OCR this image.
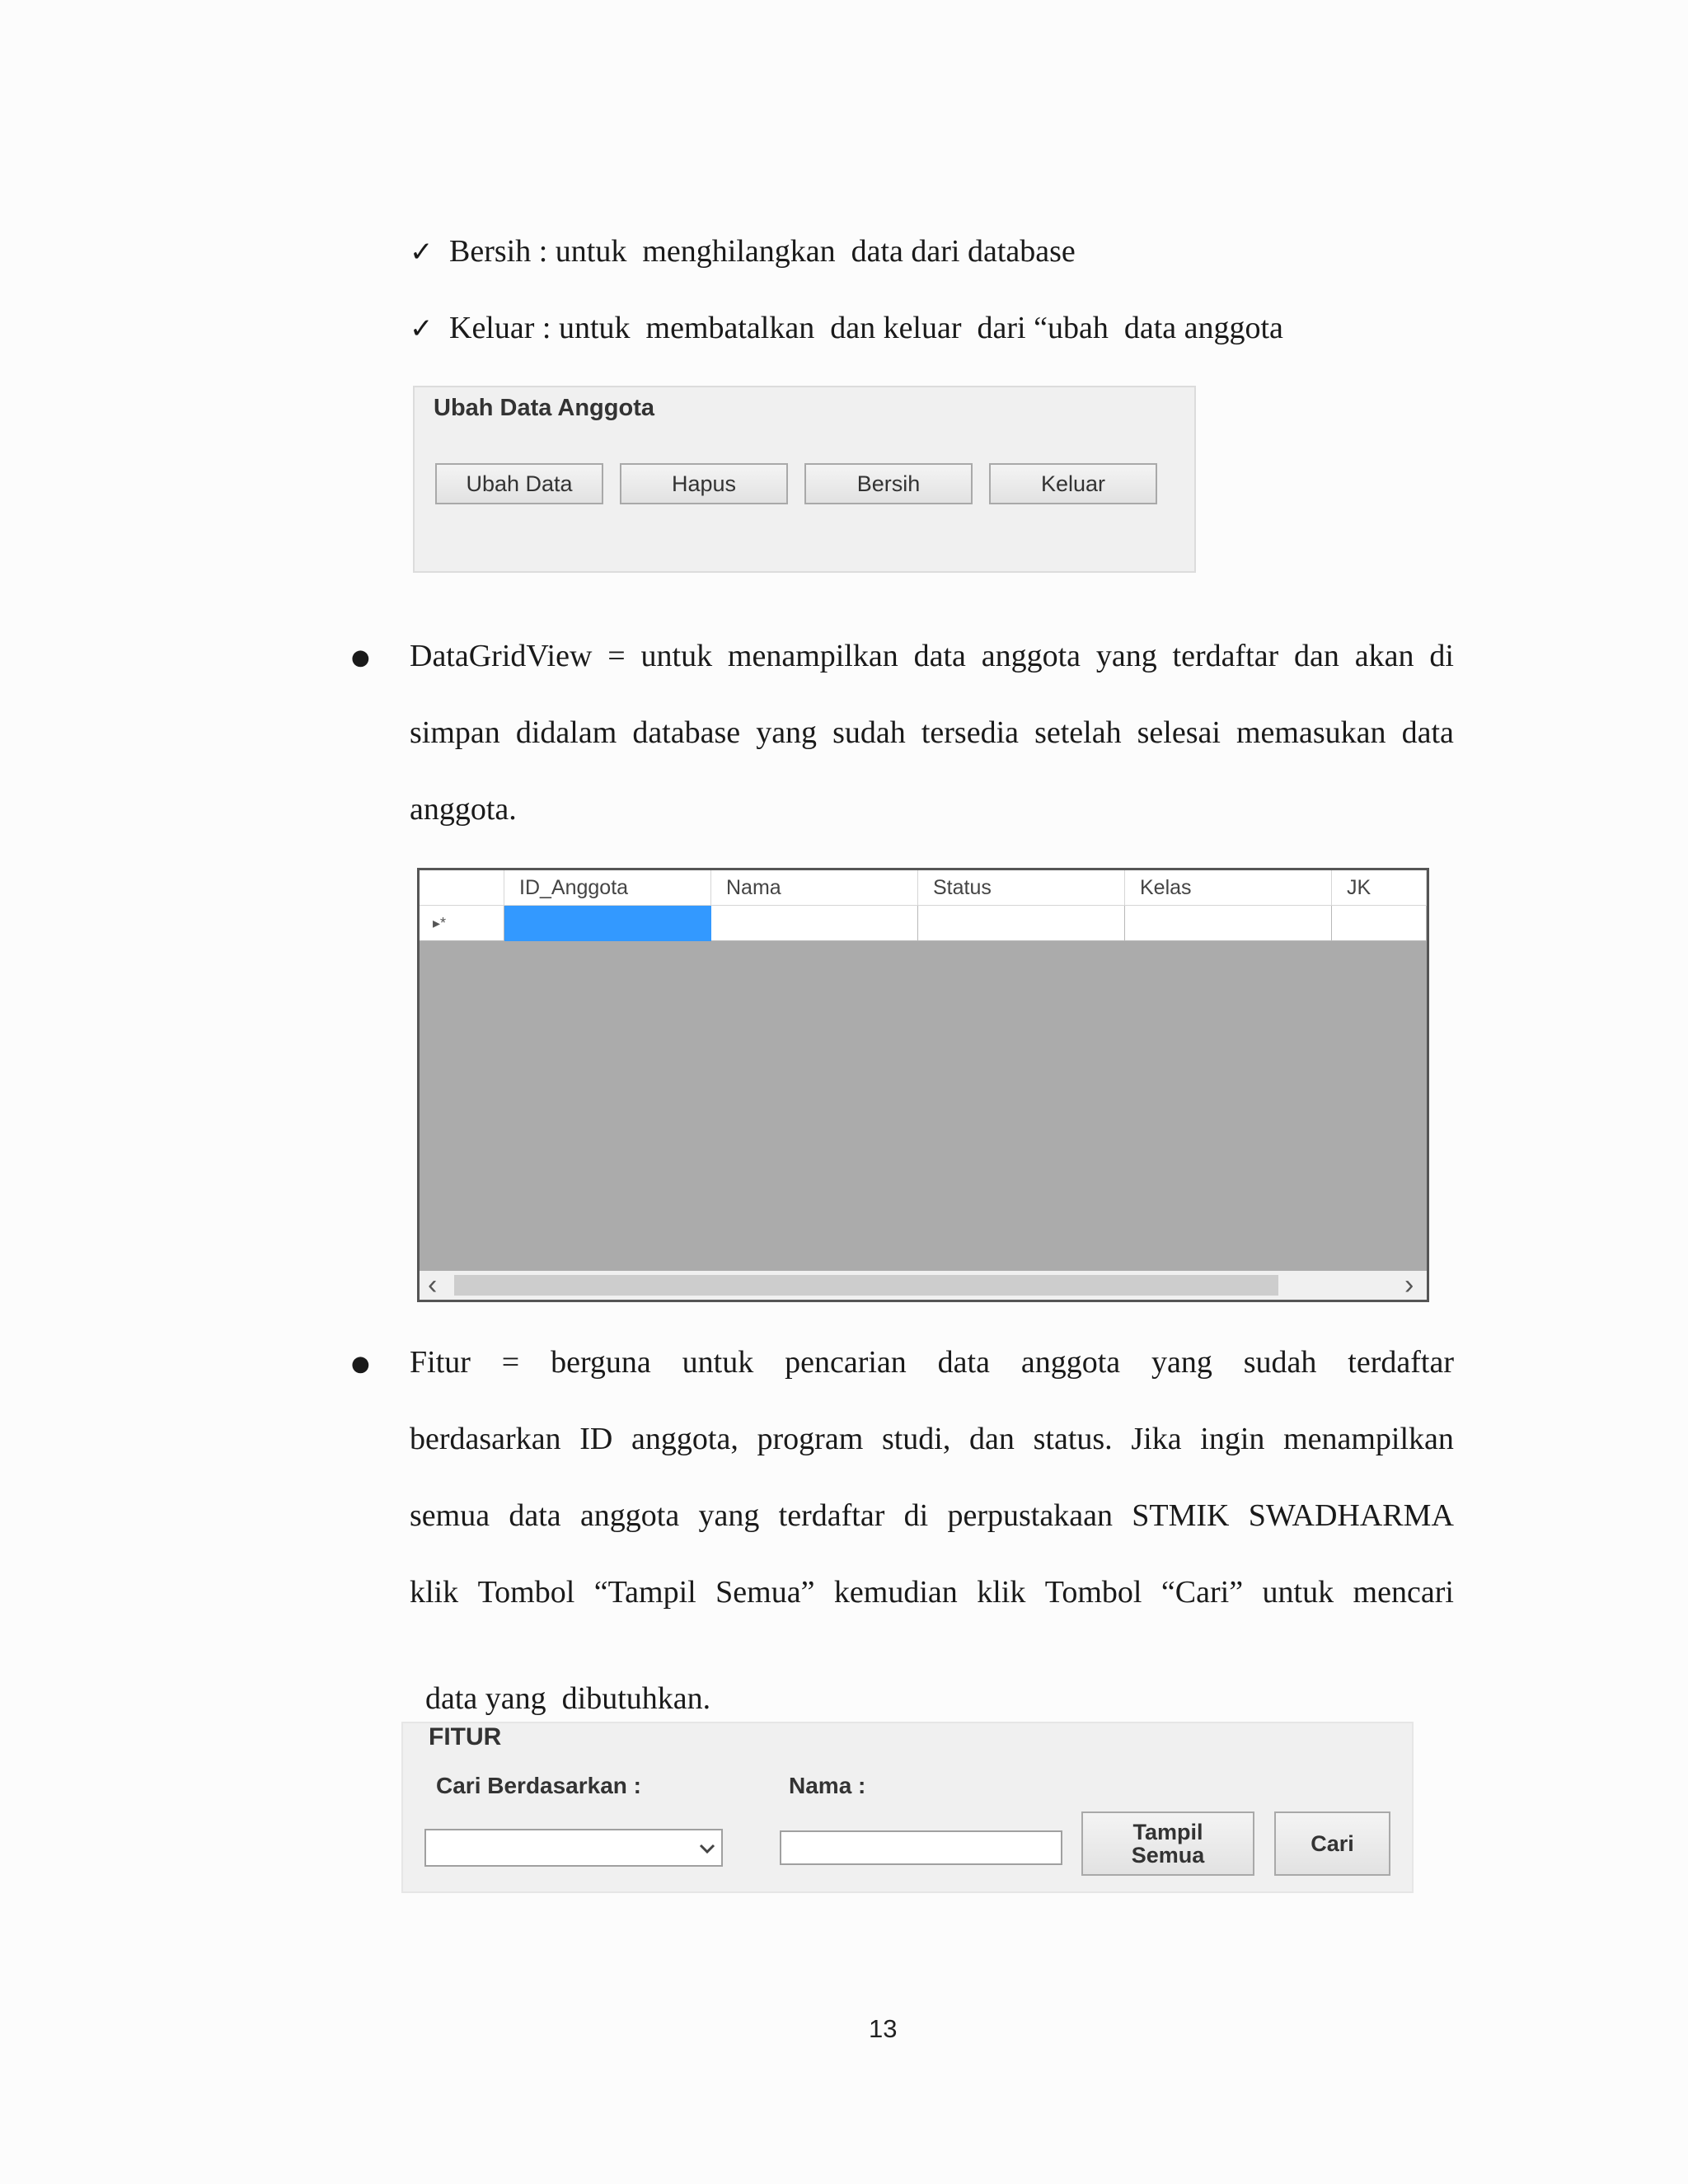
✓ Bersih : untuk  menghilangkan  data dari database
✓ Keluar : untuk  membatalkan  dan keluar  dari “ubah  data anggota
Ubah Data Anggota
Ubah Data	Hapus	Bersih	Keluar
● DataGridView = untuk menampilkan data anggota yang terdaftar dan akan di
simpan didalam database yang sudah tersedia setelah selesai memasukan data
anggota.
ID_Anggota	Nama	Status	Kelas	JK
▸*
‹	›
● Fitur = berguna untuk pencarian data anggota yang sudah terdaftar
berdasarkan ID anggota, program studi, dan status. Jika ingin menampilkan
semua data anggota yang terdaftar di perpustakaan STMIK SWADHARMA
klik Tombol “Tampil Semua” kemudian klik Tombol “Cari” untuk mencari

data yang  dibutuhkan.

FITUR
Cari Berdasarkan :	Nama :
Tampil Semua	Cari
13
